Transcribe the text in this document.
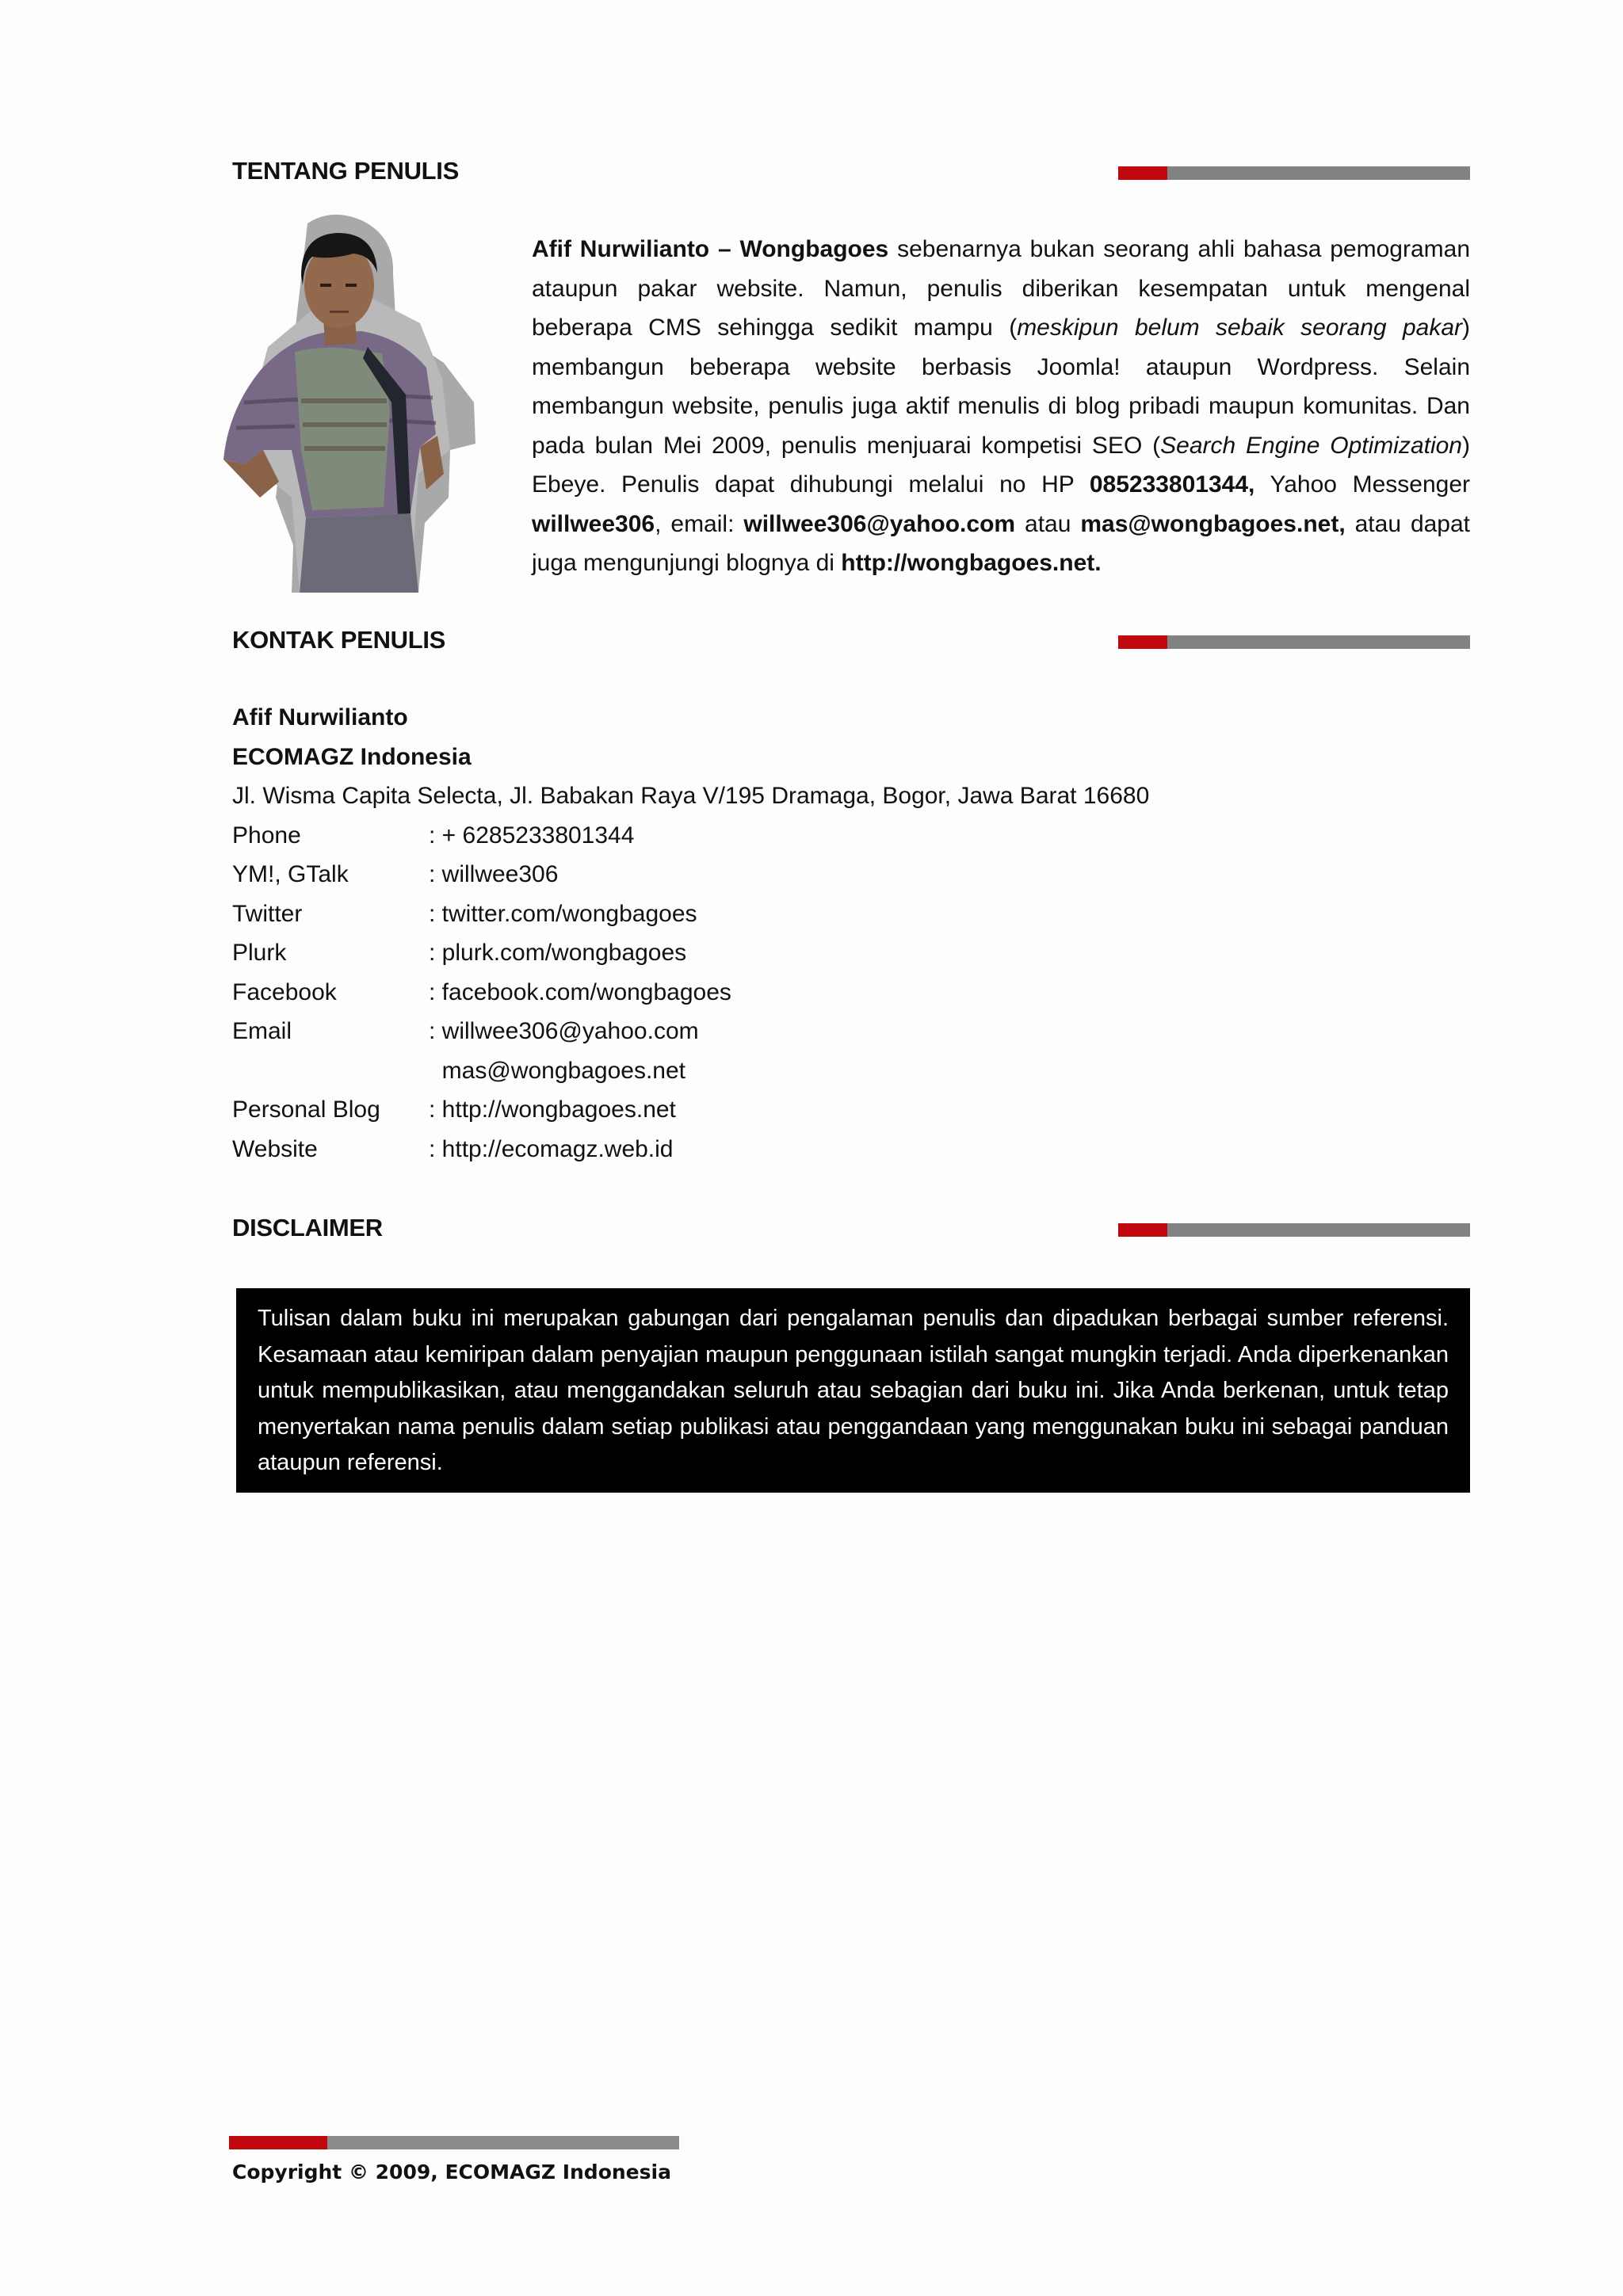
TENTANG PENULIS
Afif Nurwilianto – Wongbagoes sebenarnya bukan seorang ahli bahasa pemograman ataupun pakar website. Namun, penulis diberikan kesempatan untuk mengenal beberapa CMS sehingga sedikit mampu (meskipun belum sebaik seorang pakar) membangun beberapa website berbasis Joomla! ataupun Wordpress. Selain membangun website, penulis juga aktif menulis di blog pribadi maupun komunitas. Dan pada bulan Mei 2009, penulis menjuarai kompetisi SEO (Search Engine Optimization) Ebeye. Penulis dapat dihubungi melalui no HP 085233801344, Yahoo Messenger willwee306, email: willwee306@yahoo.com atau mas@wongbagoes.net, atau dapat juga mengunjungi blognya di http://wongbagoes.net.
KONTAK PENULIS
Afif Nurwilianto
ECOMAGZ Indonesia
Jl. Wisma Capita Selecta, Jl. Babakan Raya V/195 Dramaga, Bogor, Jawa Barat 16680
Phone	: + 6285233801344
YM!, GTalk	: willwee306
Twitter	: twitter.com/wongbagoes
Plurk	: plurk.com/wongbagoes
Facebook	: facebook.com/wongbagoes
Email	: willwee306@yahoo.com
mas@wongbagoes.net
Personal Blog	: http://wongbagoes.net
Website	: http://ecomagz.web.id
DISCLAIMER
Tulisan dalam buku ini merupakan gabungan dari pengalaman penulis dan dipadukan berbagai sumber referensi. Kesamaan atau kemiripan dalam penyajian maupun penggunaan istilah sangat mungkin terjadi. Anda diperkenankan untuk mempublikasikan, atau menggandakan seluruh atau sebagian dari buku ini. Jika Anda berkenan, untuk tetap menyertakan nama penulis dalam setiap publikasi atau penggandaan yang menggunakan buku ini sebagai panduan ataupun referensi.
Copyright © 2009, ECOMAGZ Indonesia
